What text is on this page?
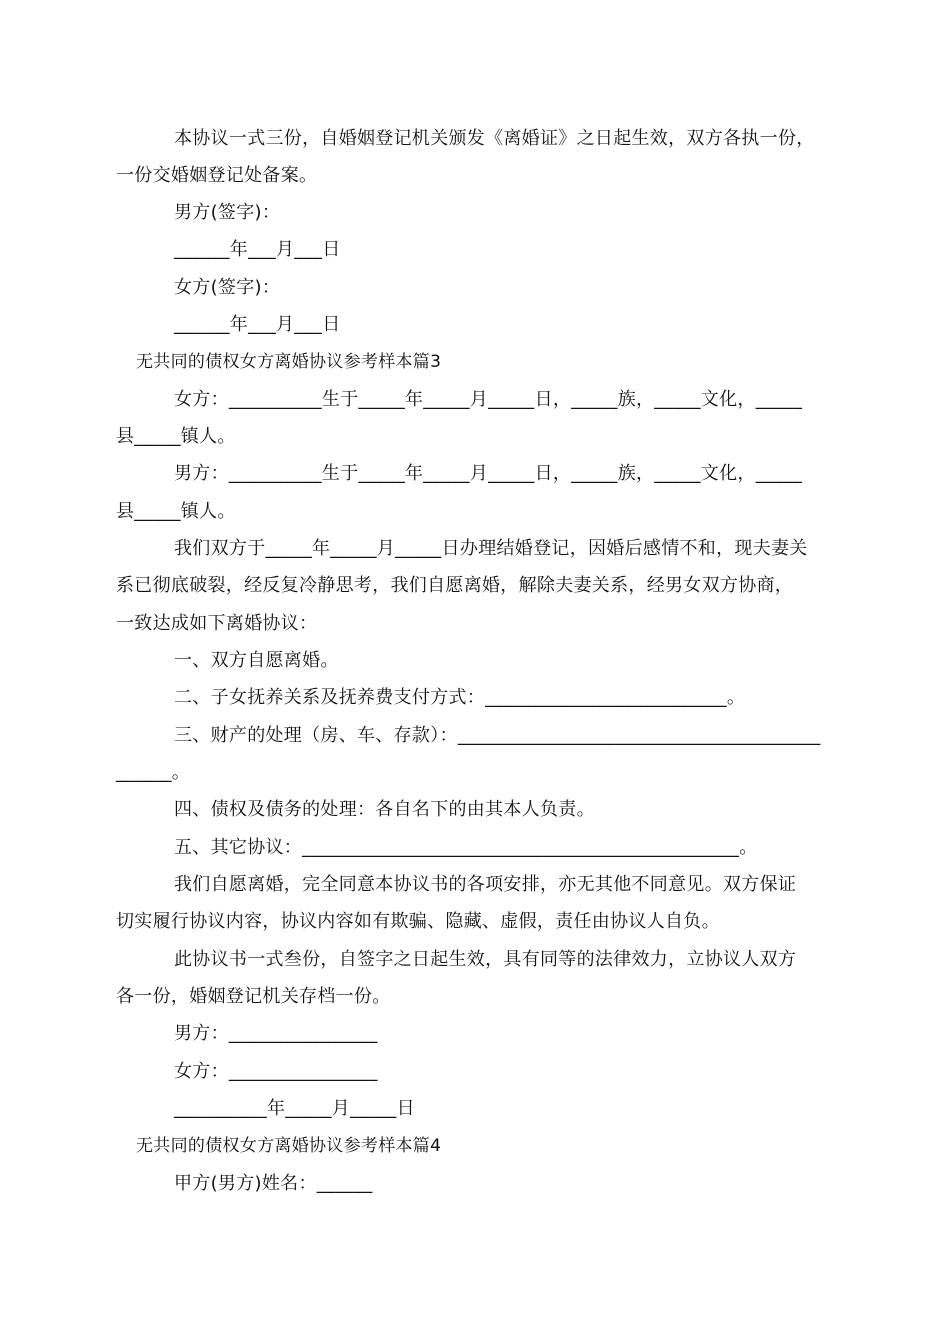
本协议一式三份，自婚姻登记机关颁发《离婚证》之日起生效，双方各执一份，
一份交婚姻登记处备案。
男方(签字)：
______年___月___日
女方(签字)：
______年___月___日
无共同的债权女方离婚协议参考样本篇3
女方：__________生于_____年_____月_____日，_____族，_____文化，_____
县_____镇人。
男方：__________生于_____年_____月_____日，_____族，_____文化，_____
县_____镇人。
我们双方于_____年_____月_____日办理结婚登记，因婚后感情不和，现夫妻关
系已彻底破裂，经反复冷静思考，我们自愿离婚，解除夫妻关系，经男女双方协商，
一致达成如下离婚协议：
一、双方自愿离婚。
二、子女抚养关系及抚养费支付方式：__________________________。
三、财产的处理（房、车、存款）：_______________________________________
______。
四、债权及债务的处理：各自名下的由其本人负责。
五、其它协议：_______________________________________________。
我们自愿离婚，完全同意本协议书的各项安排，亦无其他不同意见。双方保证
切实履行协议内容，协议内容如有欺骗、隐藏、虚假，责任由协议人自负。
此协议书一式叁份，自签字之日起生效，具有同等的法律效力，立协议人双方
各一份，婚姻登记机关存档一份。
男方：________________
女方：________________
__________年_____月_____日
无共同的债权女方离婚协议参考样本篇4
甲方(男方)姓名：______
